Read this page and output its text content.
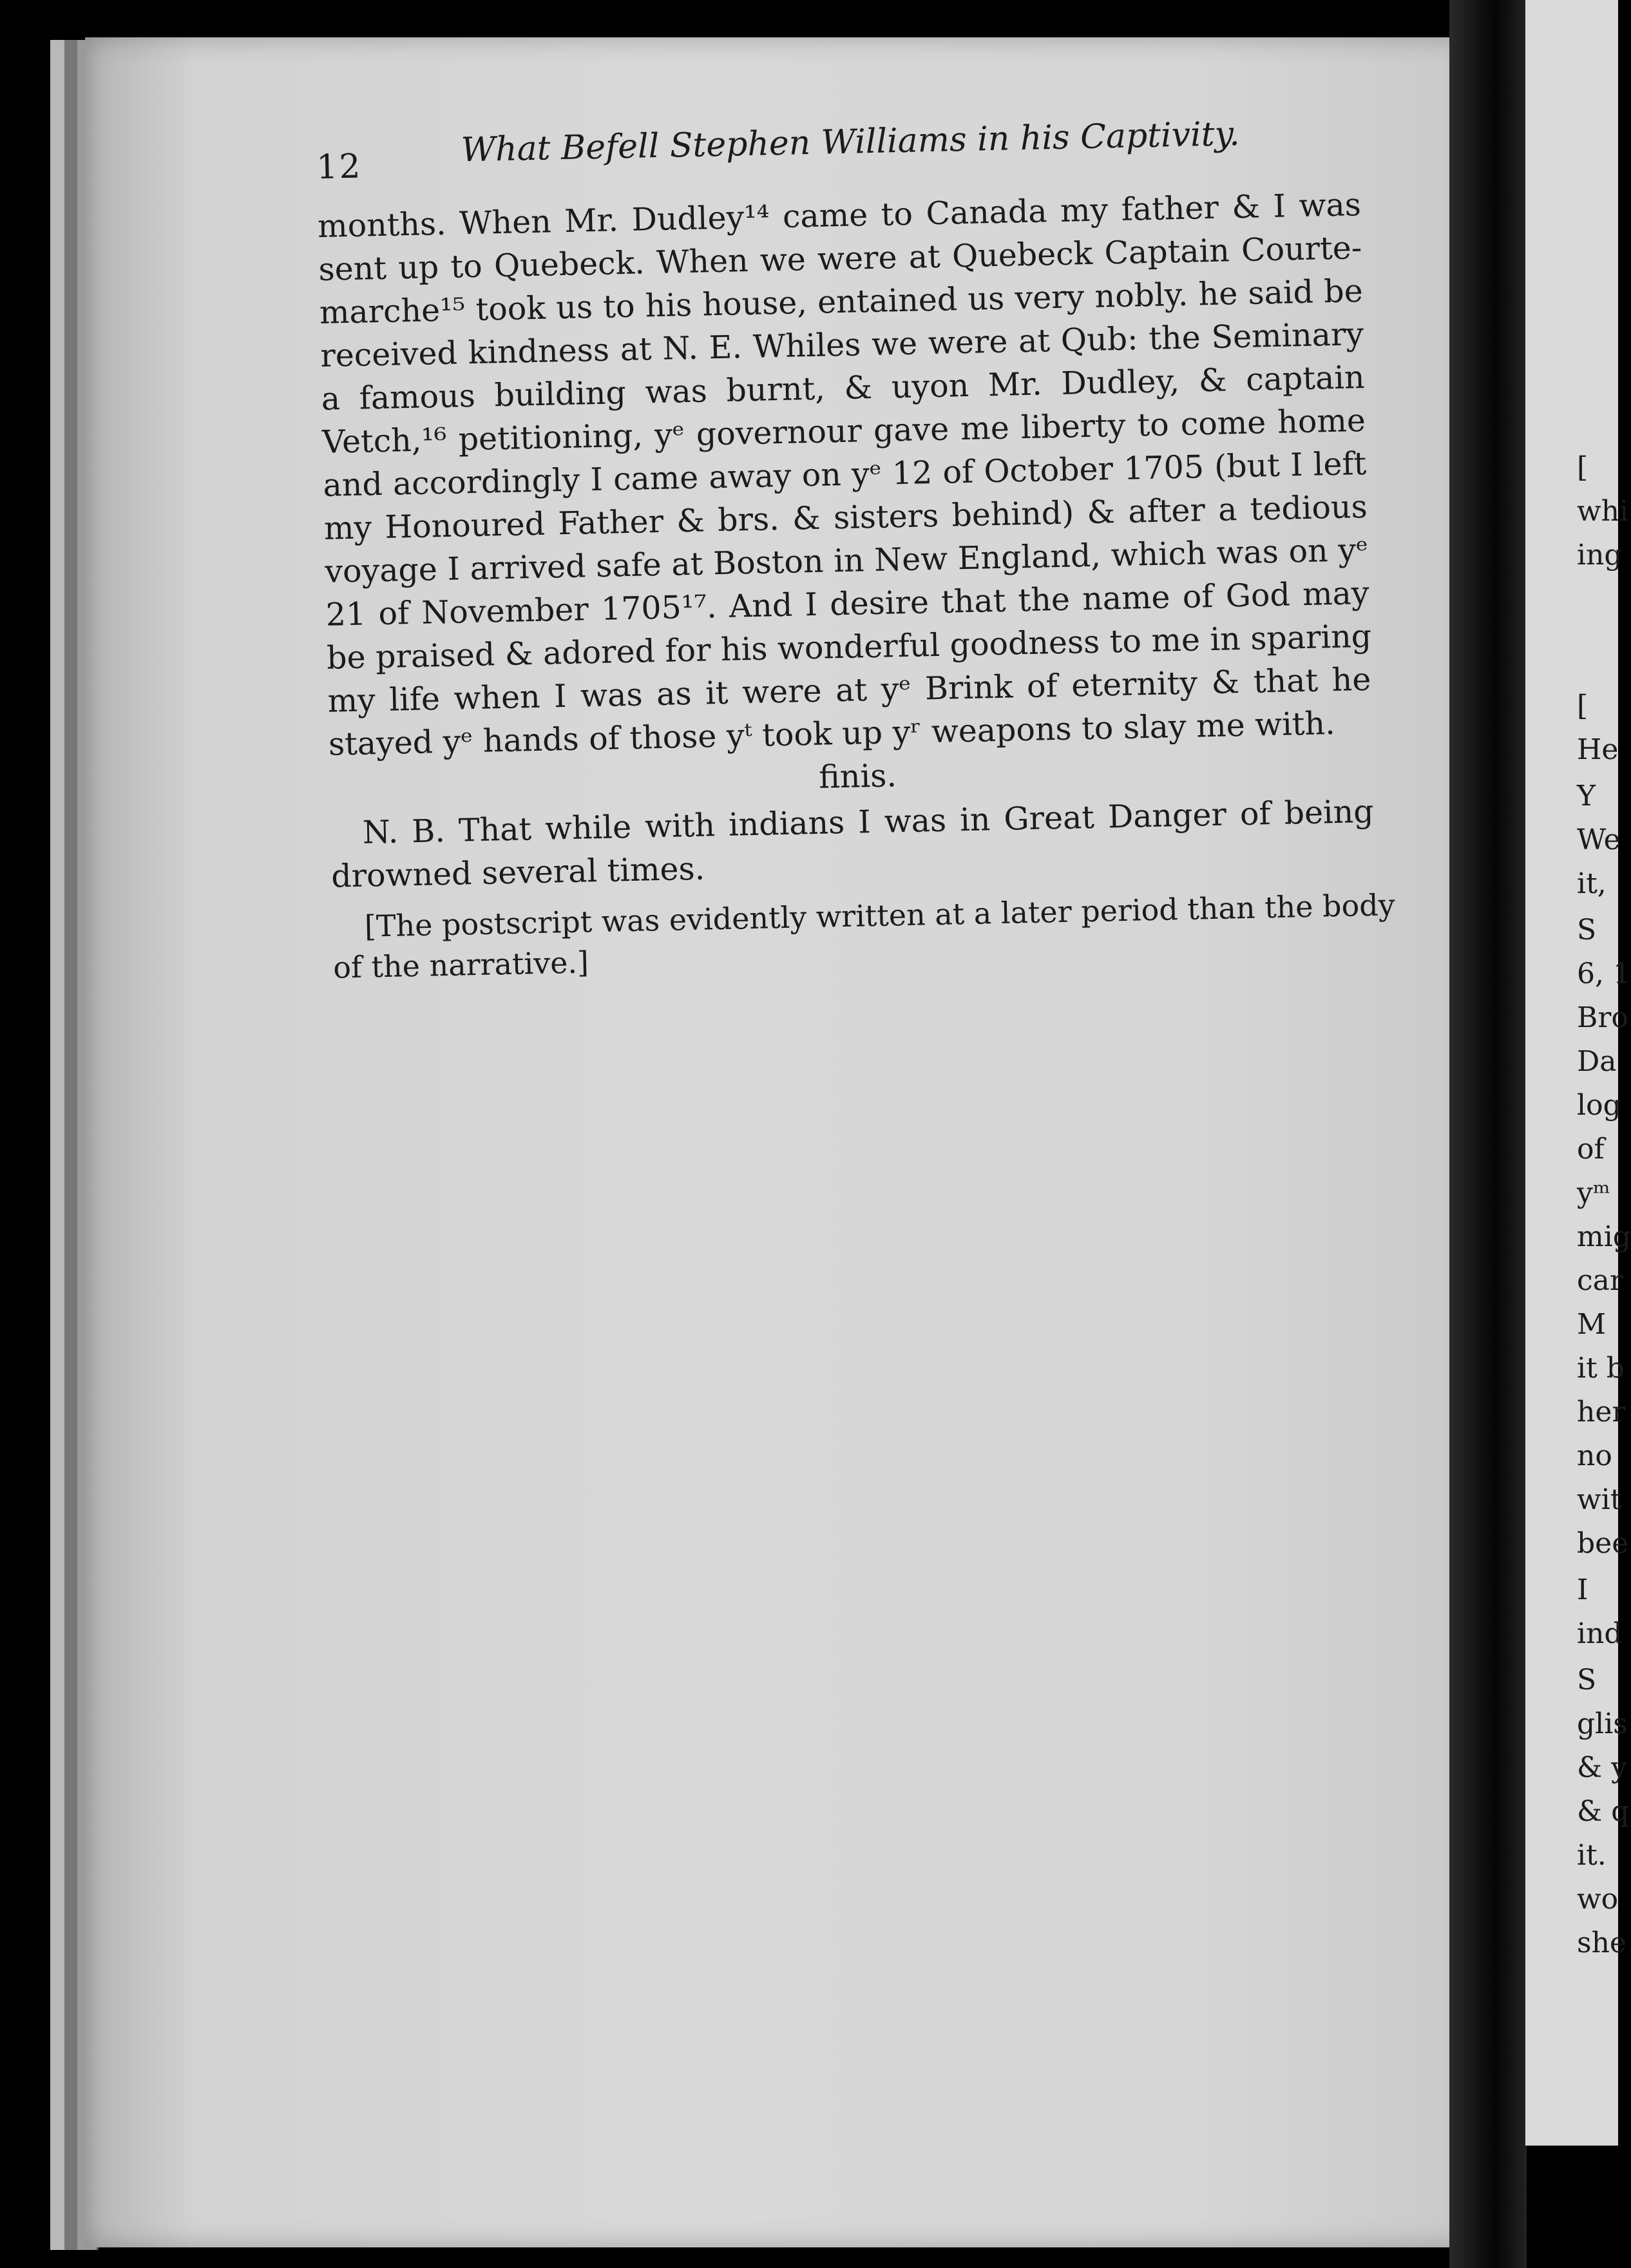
12	What Befell Stephen Williams in his Captivity.
months. When Mr. Dudley¹⁴ came to Canada my father & I was
sent up to Quebeck. When we were at Quebeck Captain Courte-
marche¹⁵ took us to his house, entained us very nobly. he said be
received kindness at N. E. Whiles we were at Qub: the Seminary
a famous building was burnt, & uyon Mr. Dudley, & captain
Vetch,¹⁶ petitioning, yᵉ governour gave me liberty to come home
and accordingly I came away on yᵉ 12 of October 1705 (but I left
my Honoured Father & brs. & sisters behind) & after a tedious
voyage I arrived safe at Boston in New England, which was on yᵉ
21 of November 1705¹⁷. And I desire that the name of God may
be praised & adored for his wonderful goodness to me in sparing
my life when I was as it were at yᵉ Brink of eternity & that he
stayed yᵉ hands of those yᵗ took up yʳ weapons to slay me with.
finis.
N. B. That while with indians I was in Great Danger of being
drowned several times.
[The postscript was evidently written at a later period than the body
of the narrative.]
[
whi
ing
[
He
Y
We
it,
S
6, 1
Bro
Da
log
of
yᵐ
mig
car
M
it b
her
no
wit
bee
I
ind
S
glis
& y
& q
it.
wo
she
